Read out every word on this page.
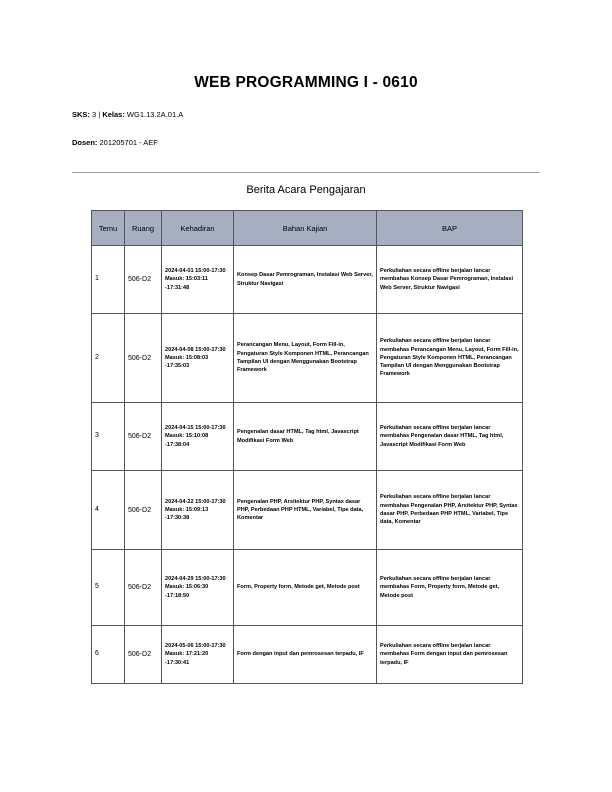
WEB PROGRAMMING I - 0610
SKS: 3 | Kelas: WG1.13.2A.01.A
Dosen: 201205701 - AEF
Berita Acara Pengajaran
Temu	Ruang	Kehadiran	Bahan Kajian	BAP
1	506-D2	2024-04-01 15:00-17:30 Masuk: 15:03:11 -17:31:48	Konsep Dasar Pemrograman, Instalasi Web Server, Struktur Navigasi	Perkuliahan secara offline berjalan lancar membahas Konsep Dasar Pemrograman, Instalasi Web Server, Struktur Navigasi
2	506-D2	2024-04-08 15:00-17:30 Masuk: 15:08:03 -17:35:03	Perancangan Menu, Layout, Form Fill-in, Pengaturan Style Komponen HTML, Perancangan Tampilan UI dengan Menggunakan Bootstrap Framework	Perkuliahan secara offline berjalan lancar membahas Perancangan Menu, Layout, Form Fill-in, Pengaturan Style Komponen HTML, Perancangan Tampilan UI dengan Menggunakan Bootstrap Framework
3	506-D2	2024-04-15 15:00-17:30 Masuk: 15:10:08 -17:38:04	Pengenalan dasar HTML, Tag html, Javascript Modifikasi Form Web	Perkuliahan secara offline berjalan lancar membahas Pengenalan dasar HTML, Tag html, Javascript Modifikasi Form Web
4	506-D2	2024-04-22 15:00-17:30 Masuk: 15:09:13 -17:30:38	Pengenalan PHP, Arsitektur PHP, Syntax dasar PHP, Perbedaan PHP HTML, Variabel, Tipe data, Komentar	Perkuliahan secara offline berjalan lancar membahas Pengenalan PHP, Arsitektur PHP, Syntax dasar PHP, Perbedaan PHP HTML, Variabel, Tipe data, Komentar
5	506-D2	2024-04-29 15:00-17:30 Masuk: 15:06:30 -17:18:50	Form, Property form, Metode get, Metode post	Perkuliahan secara offline berjalan lancar membahas Form, Property form, Metode get, Metode post
6	506-D2	2024-05-06 15:00-17:30 Masuk: 17:21:20 -17:30:41	Form dengan input dan pemrosesan terpadu, IF	Perkuliahan secara offline berjalan lancar membahas Form dengan input dan pemrosesan terpadu, IF
